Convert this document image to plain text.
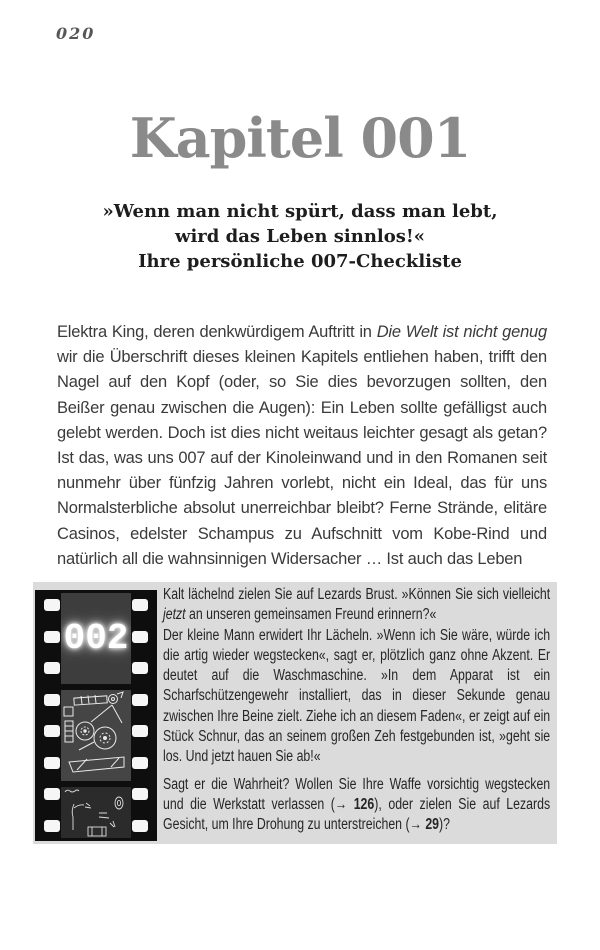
020
Kapitel 001
»Wenn man nicht spürt, dass man lebt,
wird das Leben sinnlos!«
Ihre persönliche 007-Checkliste
Elektra King, deren denkwürdigem Auftritt in Die Welt ist nicht genug wir die Überschrift dieses kleinen Kapitels entliehen haben, trifft den Nagel auf den Kopf (oder, so Sie dies bevorzugen sollten, den Beißer genau zwischen die Augen): Ein Leben sollte gefälligst auch gelebt werden. Doch ist dies nicht weitaus leichter gesagt als getan? Ist das, was uns 007 auf der Kinoleinwand und in den Romanen seit nunmehr über fünfzig Jahren vorlebt, nicht ein Ideal, das für uns Normalsterbliche absolut unerreichbar bleibt? Ferne Strände, elitäre Casinos, edelster Schampus zu Aufschnitt vom Kobe-Rind und natürlich all die wahnsinnigen Widersacher … Ist auch das Leben

Kalt lächelnd zielen Sie auf Lezards Brust. »Können Sie sich vielleicht jetzt an unseren gemeinsamen Freund erinnern?«

Der kleine Mann erwidert Ihr Lächeln. »Wenn ich Sie wäre, würde ich die artig wieder wegstecken«, sagt er, plötzlich ganz ohne Akzent. Er deutet auf die Waschmaschine. »In dem Apparat ist ein Scharfschützengewehr installiert, das in dieser Sekunde genau zwischen Ihre Beine zielt. Ziehe ich an diesem Faden«, er zeigt auf ein Stück Schnur, das an seinem großen Zeh festgebunden ist, »geht sie los. Und jetzt hauen Sie ab!«

Sagt er die Wahrheit? Wollen Sie Ihre Waffe vorsichtig wegstecken und die Werkstatt verlassen (→ 126), oder zielen Sie auf Lezards Gesicht, um Ihre Drohung zu unterstreichen (→ 29)?

002
